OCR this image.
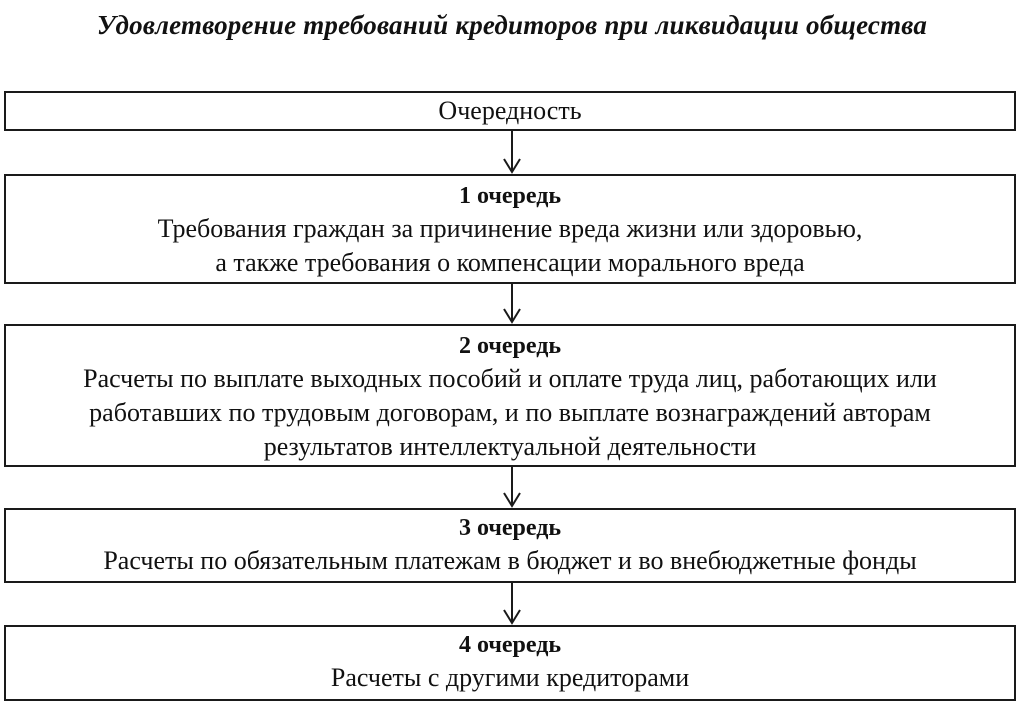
Удовлетворение требований кредиторов при ликвидации общества
Очередность
1 очередь
Требования граждан за причинение вреда жизни или здоровью,
а также требования о компенсации морального вреда
2 очередь
Расчеты по выплате выходных пособий и оплате труда лиц, работающих или
работавших по трудовым договорам, и по выплате вознаграждений авторам
результатов интеллектуальной деятельности
3 очередь
Расчеты по обязательным платежам в бюджет и во внебюджетные фонды
4 очередь
Расчеты с другими кредиторами
